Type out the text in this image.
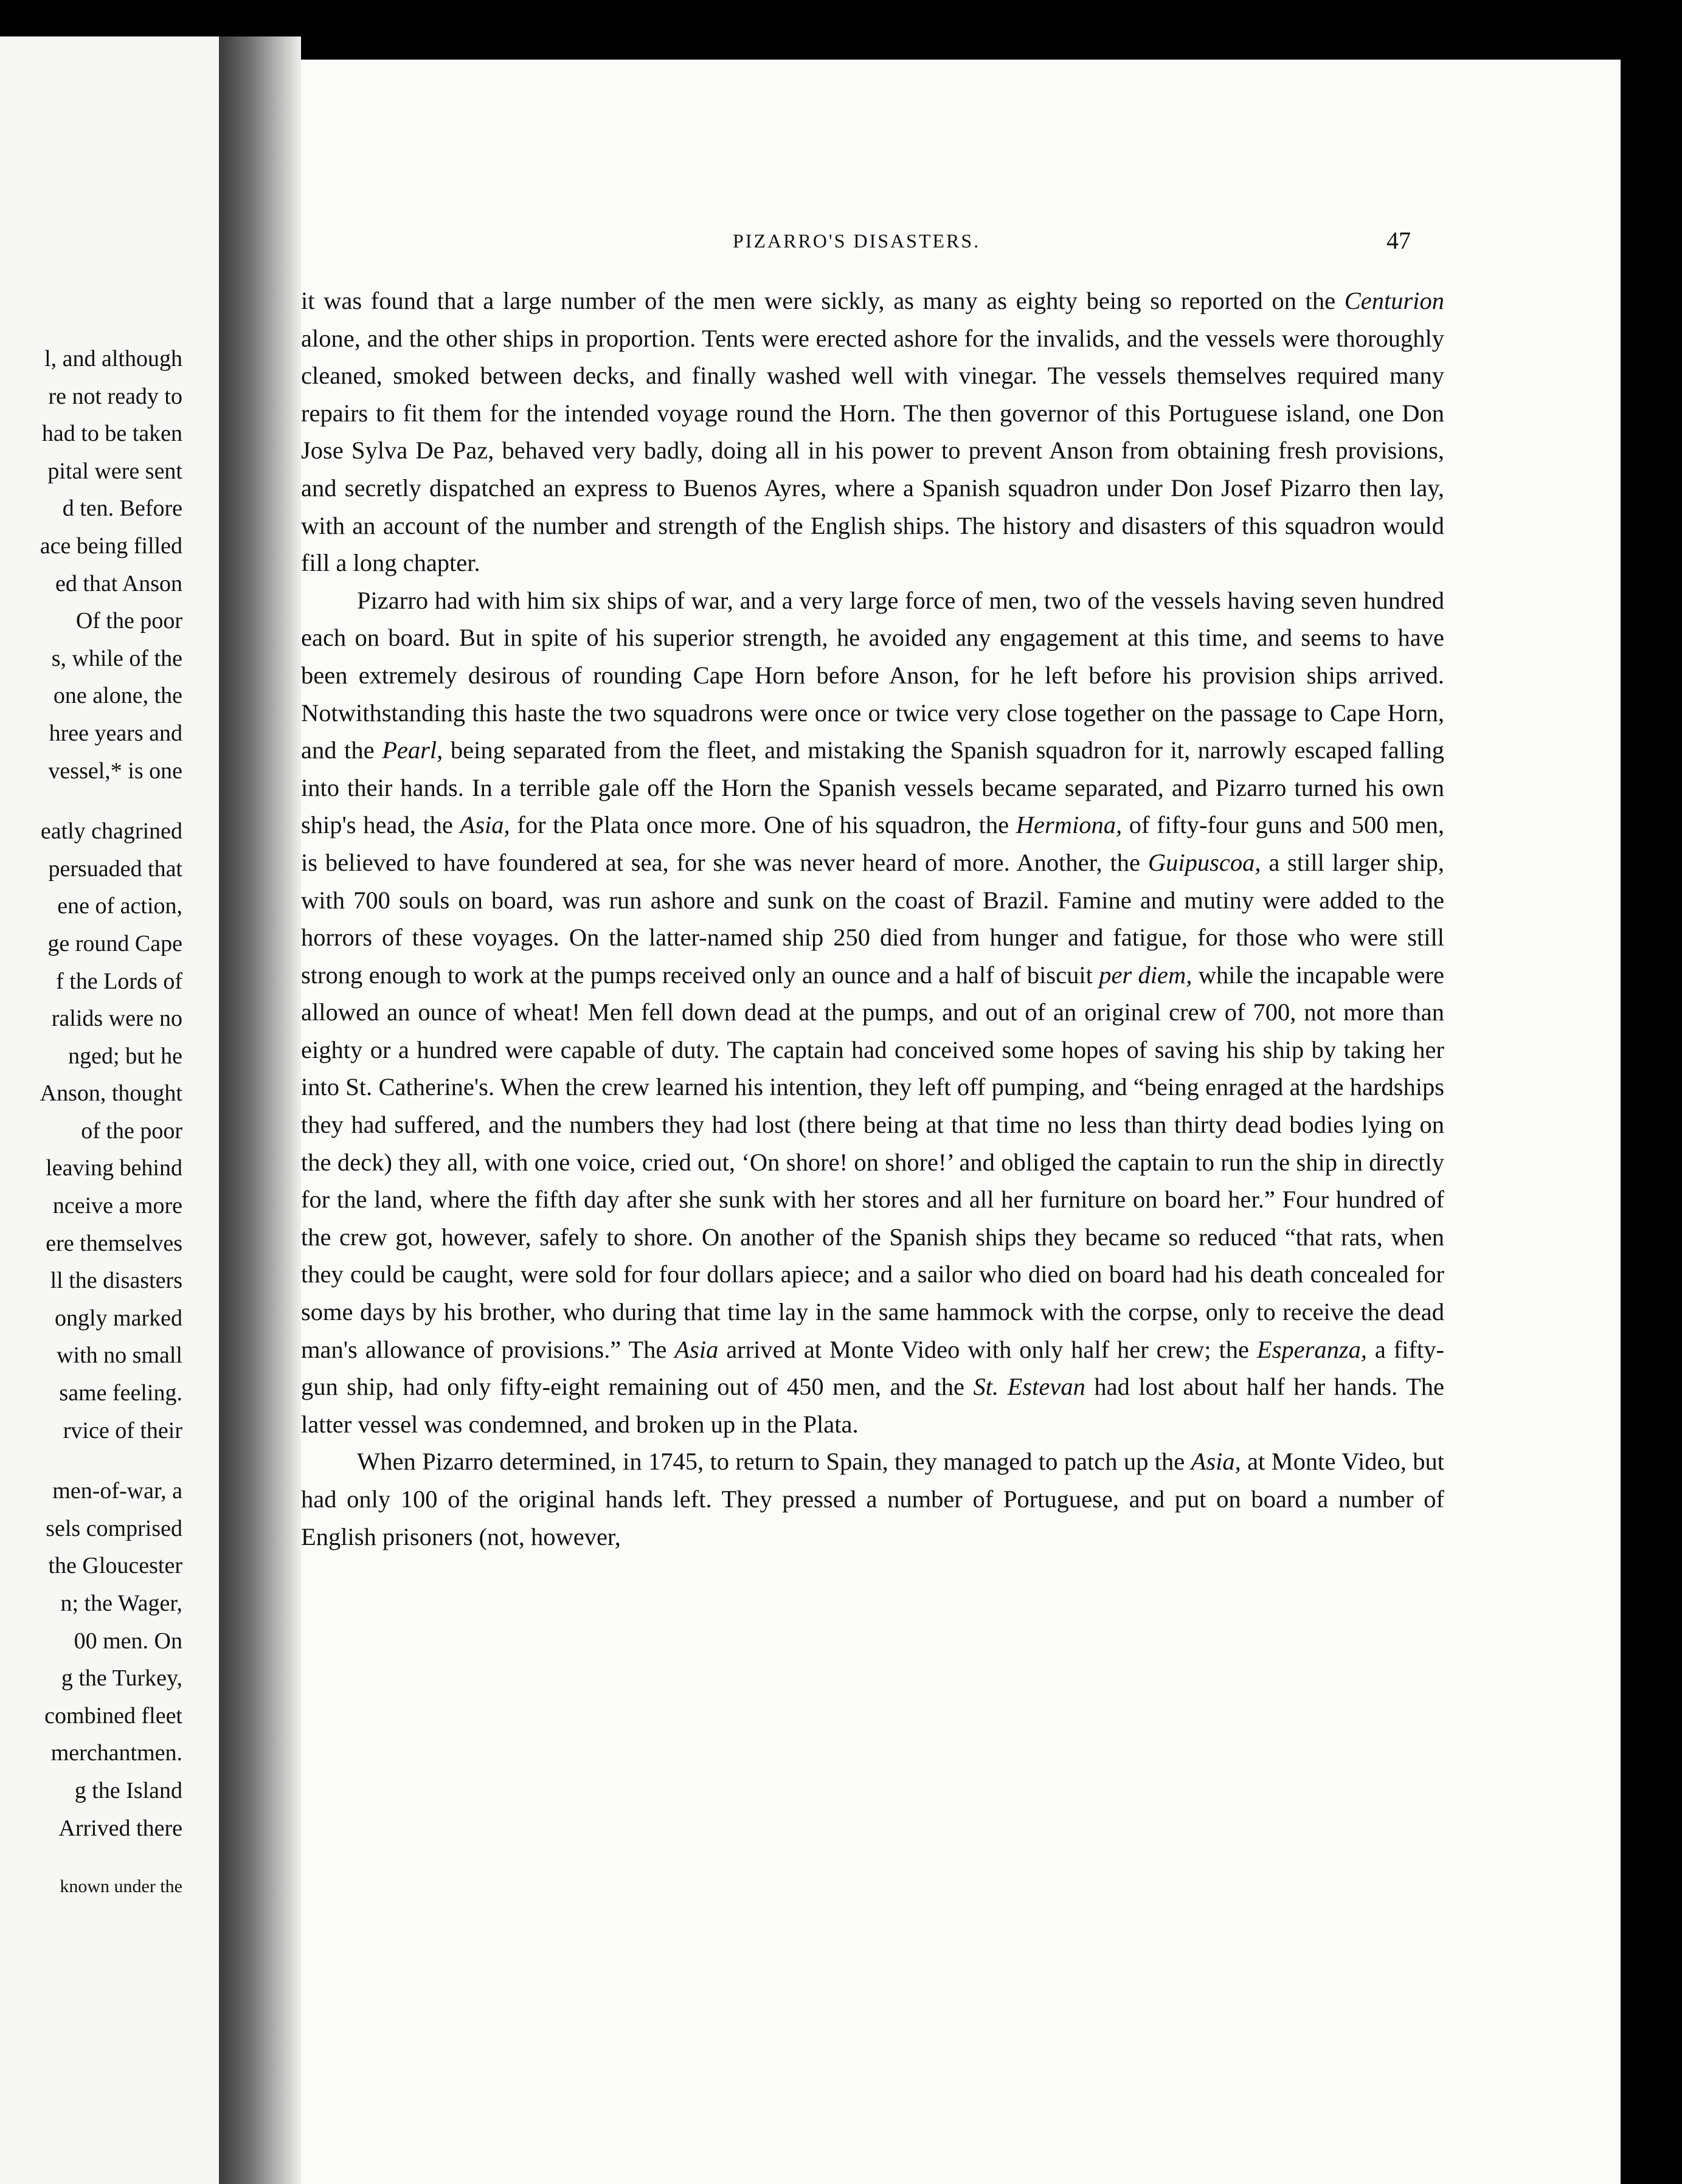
l, and although
re not ready to
had to be taken
pital were sent
d ten. Before
ace being filled
ed that Anson
Of the poor
s, while of the
one alone, the
hree years and
vessel,* is one
eatly chagrined
persuaded that
ene of action,
ge round Cape
f the Lords of
ralids were no
nged; but he
Anson, thought
of the poor
leaving behind
nceive a more
ere themselves
ll the disasters
ongly marked
with no small
same feeling.
rvice of their
men-of-war, a
sels comprised
the Gloucester
n; the Wager,
00 men. On
g the Turkey,
combined fleet
merchantmen.
g the Island
Arrived there
known under the
PIZARRO'S DISASTERS.	47

it was found that a large number of the men were sickly, as many as eighty being so reported on the Centurion alone, and the other ships in proportion. Tents were erected ashore for the invalids, and the vessels were thoroughly cleaned, smoked between decks, and finally washed well with vinegar. The vessels themselves required many repairs to fit them for the intended voyage round the Horn. The then governor of this Portuguese island, one Don Jose Sylva De Paz, behaved very badly, doing all in his power to prevent Anson from obtaining fresh provisions, and secretly dispatched an express to Buenos Ayres, where a Spanish squadron under Don Josef Pizarro then lay, with an account of the number and strength of the English ships. The history and disasters of this squadron would fill a long chapter.

Pizarro had with him six ships of war, and a very large force of men, two of the vessels having seven hundred each on board. But in spite of his superior strength, he avoided any engagement at this time, and seems to have been extremely desirous of rounding Cape Horn before Anson, for he left before his provision ships arrived. Notwithstanding this haste the two squadrons were once or twice very close together on the passage to Cape Horn, and the Pearl, being separated from the fleet, and mistaking the Spanish squadron for it, narrowly escaped falling into their hands. In a terrible gale off the Horn the Spanish vessels became separated, and Pizarro turned his own ship's head, the Asia, for the Plata once more. One of his squadron, the Hermiona, of fifty-four guns and 500 men, is believed to have foundered at sea, for she was never heard of more. Another, the Guipuscoa, a still larger ship, with 700 souls on board, was run ashore and sunk on the coast of Brazil. Famine and mutiny were added to the horrors of these voyages. On the latter-named ship 250 died from hunger and fatigue, for those who were still strong enough to work at the pumps received only an ounce and a half of biscuit per diem, while the incapable were allowed an ounce of wheat! Men fell down dead at the pumps, and out of an original crew of 700, not more than eighty or a hundred were capable of duty. The captain had conceived some hopes of saving his ship by taking her into St. Catherine's. When the crew learned his intention, they left off pumping, and “being enraged at the hardships they had suffered, and the numbers they had lost (there being at that time no less than thirty dead bodies lying on the deck) they all, with one voice, cried out, ‘On shore! on shore!’ and obliged the captain to run the ship in directly for the land, where the fifth day after she sunk with her stores and all her furniture on board her.” Four hundred of the crew got, however, safely to shore. On another of the Spanish ships they became so reduced “that rats, when they could be caught, were sold for four dollars apiece; and a sailor who died on board had his death concealed for some days by his brother, who during that time lay in the same hammock with the corpse, only to receive the dead man's allowance of provisions.” The Asia arrived at Monte Video with only half her crew; the Esperanza, a fifty-gun ship, had only fifty-eight remaining out of 450 men, and the St. Estevan had lost about half her hands. The latter vessel was condemned, and broken up in the Plata.

When Pizarro determined, in 1745, to return to Spain, they managed to patch up the Asia, at Monte Video, but had only 100 of the original hands left. They pressed a number of Portuguese, and put on board a number of English prisoners (not, however,
